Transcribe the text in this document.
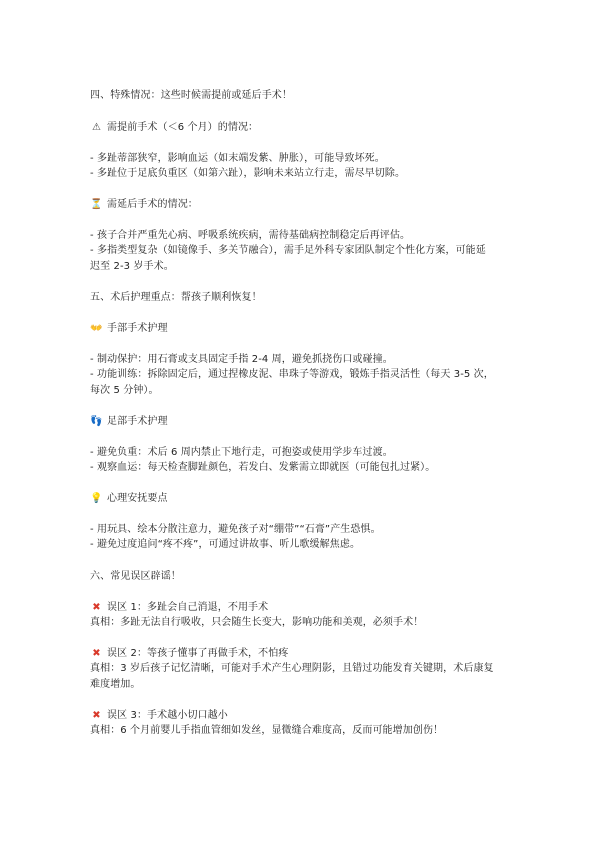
四、特殊情况：这些时候需提前或延后手术！
⚠ 需提前手术（＜6 个月）的情况：
- 多趾蒂部狭窄，影响血运（如末端发紫、肿胀），可能导致坏死。
- 多趾位于足底负重区（如第六趾），影响未来站立行走，需尽早切除。
⏳ 需延后手术的情况：
- 孩子合并严重先心病、呼吸系统疾病，需待基础病控制稳定后再评估。
- 多指类型复杂（如镜像手、多关节融合），需手足外科专家团队制定个性化方案，可能延
迟至 2-3 岁手术。
五、术后护理重点：帮孩子顺利恢复！
👐 手部手术护理
- 制动保护：用石膏或支具固定手指 2-4 周，避免抓挠伤口或碰撞。
- 功能训练：拆除固定后，通过捏橡皮泥、串珠子等游戏，锻炼手指灵活性（每天 3-5 次，
每次 5 分钟）。
👣 足部手术护理
- 避免负重：术后 6 周内禁止下地行走，可抱姿或使用学步车过渡。
- 观察血运：每天检查脚趾颜色，若发白、发紫需立即就医（可能包扎过紧）。
💡 心理安抚要点
- 用玩具、绘本分散注意力，避免孩子对“绷带”“石膏”产生恐惧。
- 避免过度追问“疼不疼”，可通过讲故事、听儿歌缓解焦虑。
六、常见误区辟谣！
✖ 误区 1：多趾会自己消退，不用手术
真相：多趾无法自行吸收，只会随生长变大，影响功能和美观，必须手术！
✖ 误区 2：等孩子懂事了再做手术，不怕疼
真相：3 岁后孩子记忆清晰，可能对手术产生心理阴影，且错过功能发育关键期，术后康复
难度增加。
✖ 误区 3：手术越小切口越小
真相：6 个月前婴儿手指血管细如发丝，显微缝合难度高，反而可能增加创伤！
